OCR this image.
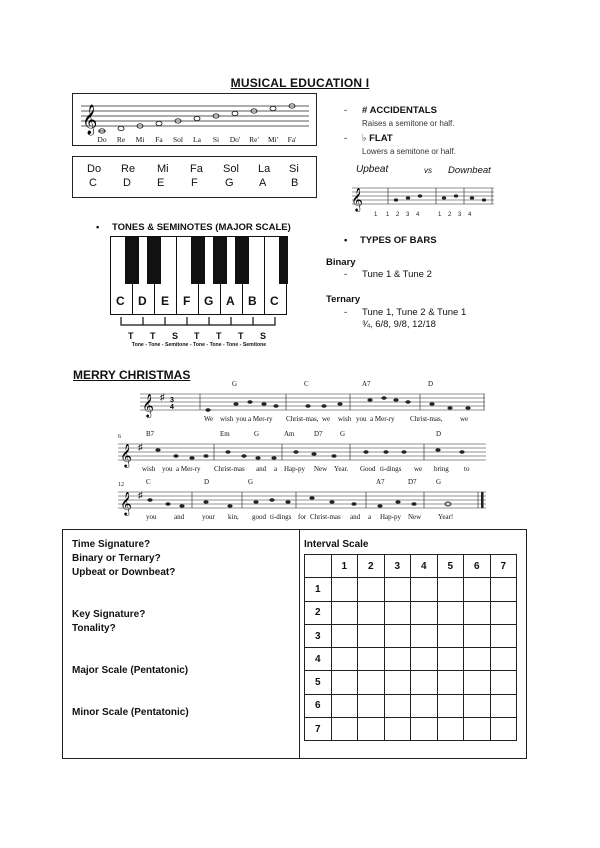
MUSICAL EDUCATION I
𝄞
Do	Re	Mi	Fa	Sol	La	Si	Do'	Re'	Mi'	Fa'
Do Re Mi Fa Sol La Si
C D E F G A B
- # ACCIDENTALS
Raises a semitone or half.
- ♭ FLAT
Lowers a semitone or half.
Upbeat	vs Downbeat
𝄞
1 1 2 3 4	1 2 3 4
• TONES & SEMINOTES (MAJOR SCALE)
C D E F G A B C
T T S T T T S
Tone - Tone - Semitone - Tone - Tone - Tone - Semitone
• TYPES OF BARS
Binary
- Tune 1 & Tune 2
Ternary
- Tune 1, Tune 2 & Tune 1
¾, 6/8, 9/8, 12/18
MERRY CHRISTMAS
𝄞 ♯ 3
4
G	C	A7	D
We wish you a Mer-ry Christ-mas, we wish you a Mer-ry Christ-mas,	we
6
𝄞 ♯
B7	Em	G	Am	D7 G	D
wish you a Mer-ry Christ-mas and a Hap-py New Year. Good ti-dings we bring to
12
𝄞 ♯
C	D	G	A7	D7	G
you	and	your kin, good ti-dings for Christ-mas and a Hap-py New Year!
Time Signature?
Binary or Ternary?
Upbeat or Downbeat?
Key Signature?
Tonality?
Major Scale (Pentatonic)
Minor Scale (Pentatonic)
Interval Scale
	1	2	3	4	5	6	7
1							
2							
3							
4							
5							
6							
7							
